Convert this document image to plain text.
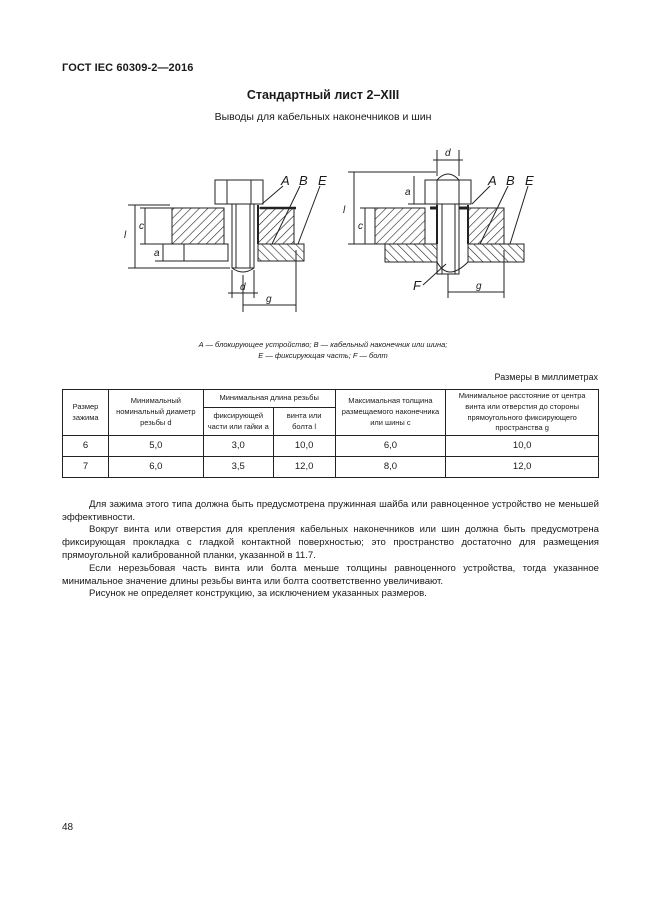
ГОСТ IEC 60309-2—2016
Стандартный лист 2–XIII
Выводы для кабельных наконечников и шин
A B E	A B E
F
d
g
l
c
a
d
g
l
c
a
A — блокирующее устройство; B — кабельный наконечник или шина;
E — фиксирующая часть; F — болт
Размеры в миллиметрах
Размер зажима	Минимальный номинальный диаметр резьбы d	Минимальная длина резьбы		Максимальная толщина размещаемого наконечника или шины c	Минимальное расстояние от центра винта или отверстия до стороны прямоугольного фиксирующего пространства g
		фиксирующей части или гайки a	винта или болта l		
6	5,0	3,0	10,0	6,0	10,0
7	6,0	3,5	12,0	8,0	12,0
Для зажима этого типа должна быть предусмотрена пружинная шайба или равноценное устройство не меньшей эффективности.
Вокруг винта или отверстия для крепления кабельных наконечников или шин должна быть предусмотрена фиксирующая прокладка с гладкой контактной поверхностью; это пространство достаточно для размещения прямоугольной калиброванной планки, указанной в 11.7.
Если нерезьбовая часть винта или болта меньше толщины равноценного устройства, тогда указанное минимальное значение длины резьбы винта или болта соответственно увеличивают.
Рисунок не определяет конструкцию, за исключением указанных размеров.
48
